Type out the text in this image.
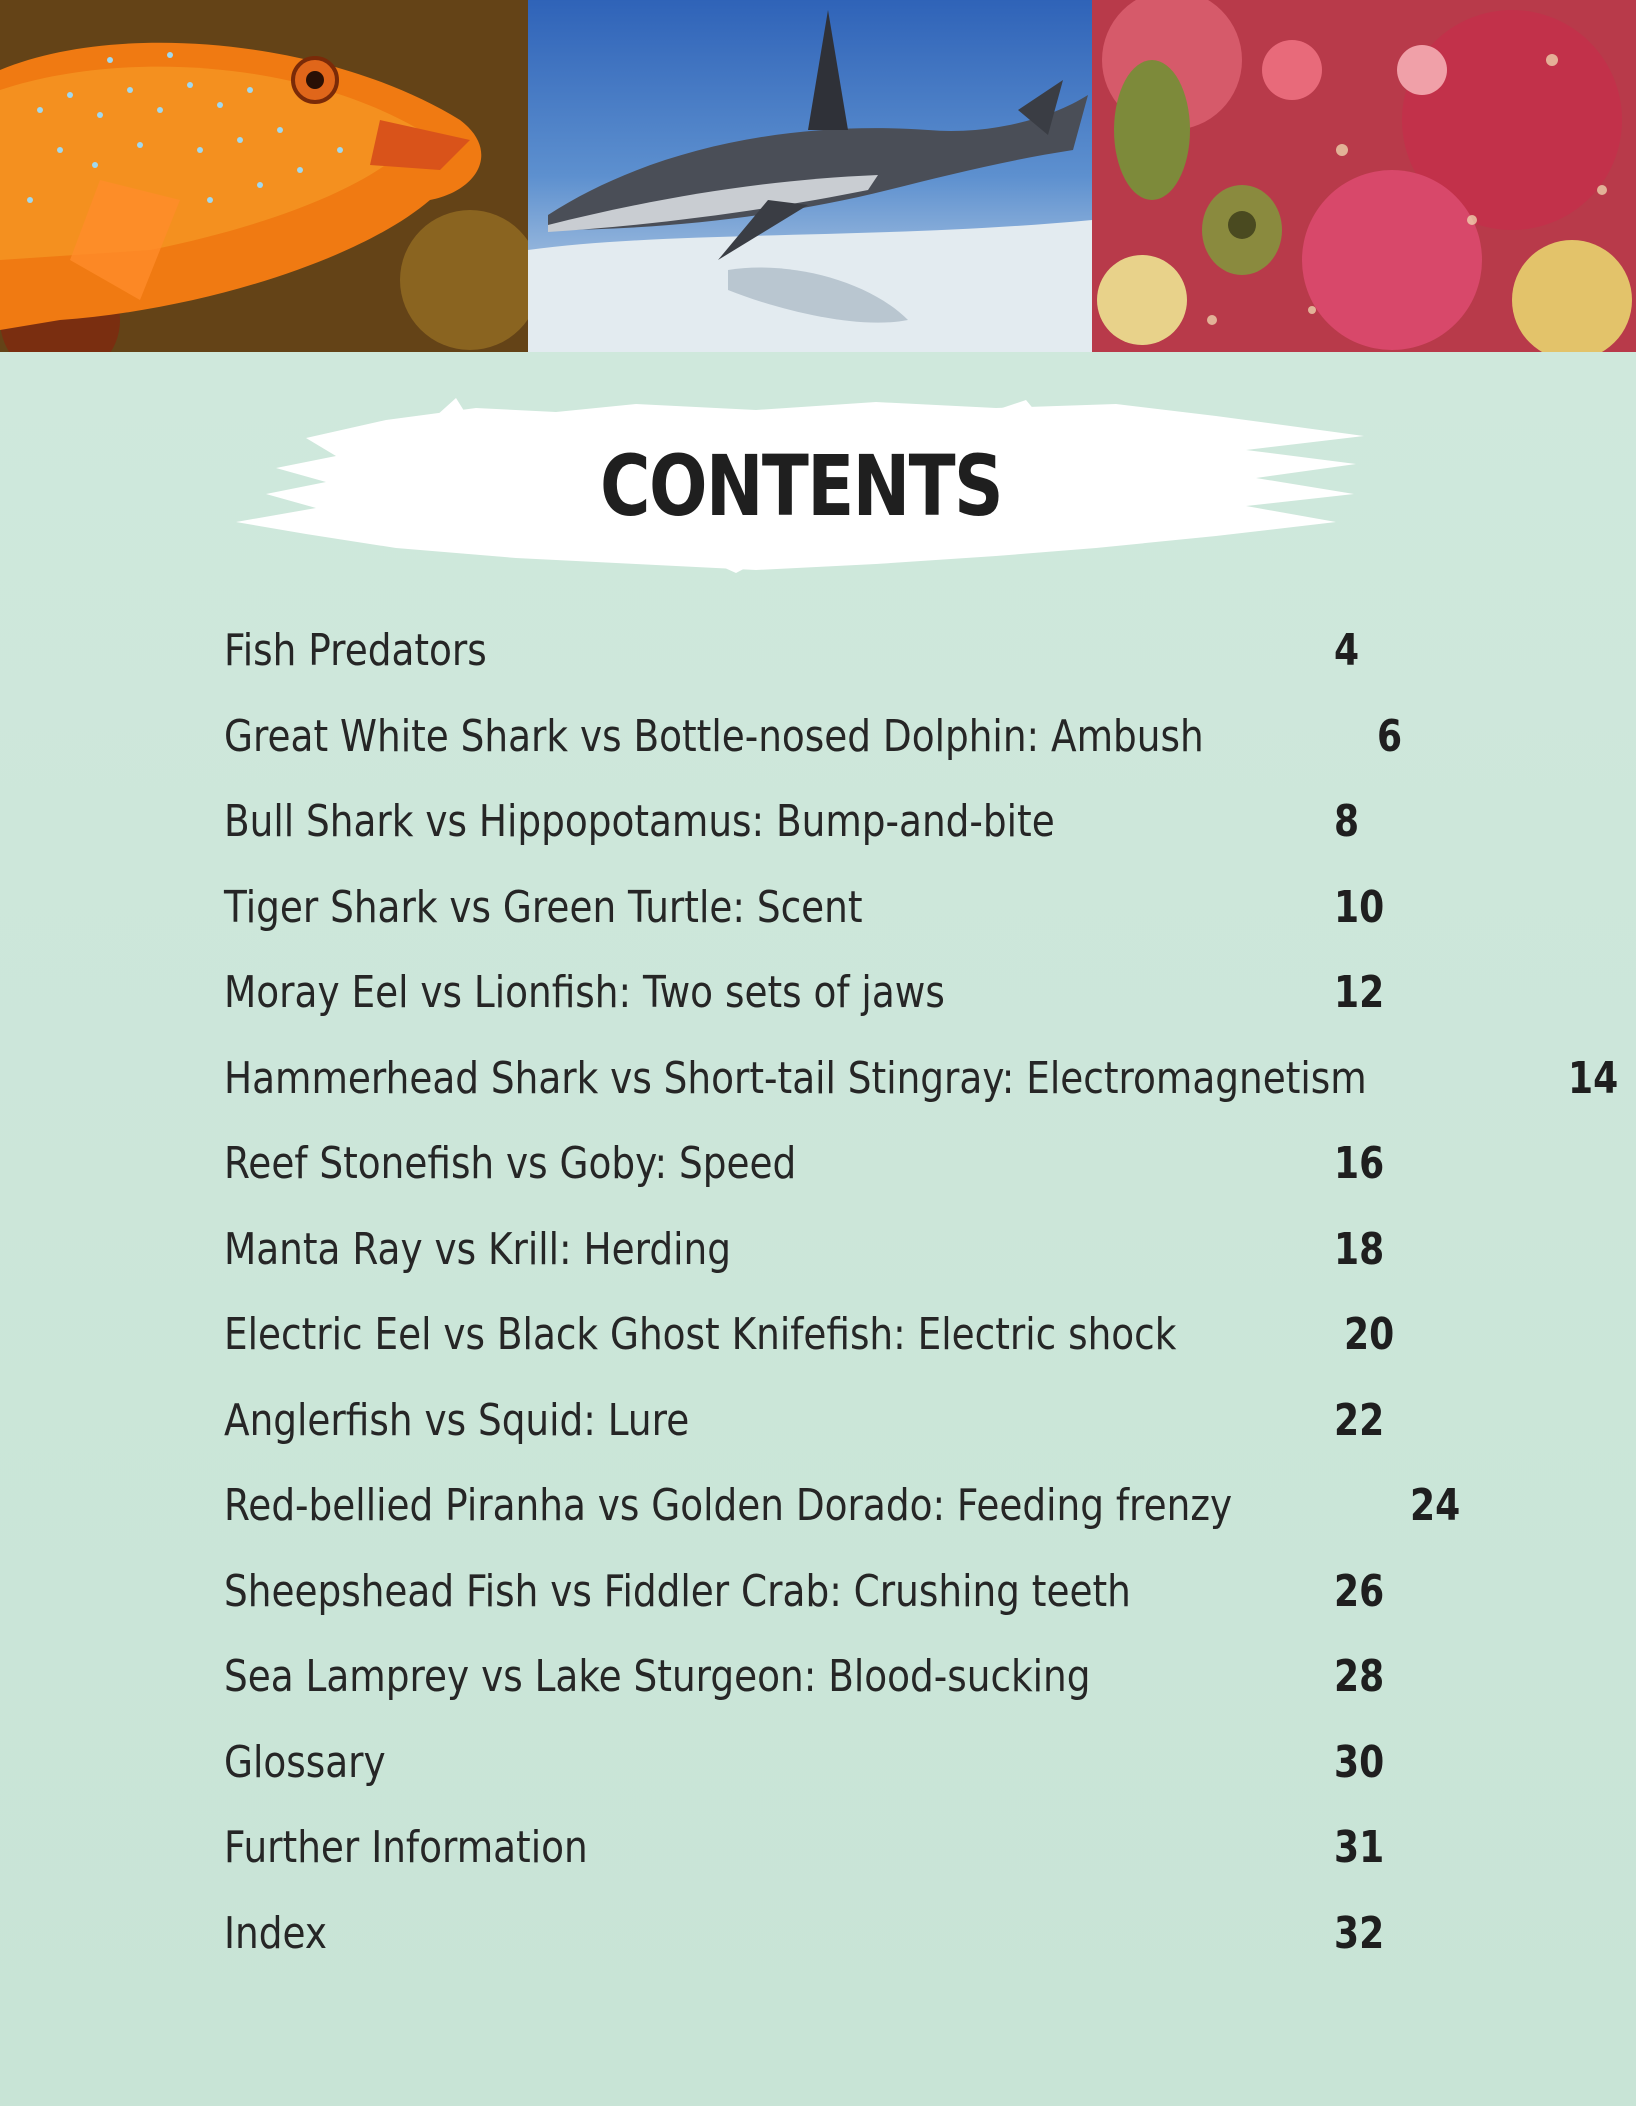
CONTENTS
Fish Predators	4
Great White Shark vs Bottle-nosed Dolphin: Ambush	6
Bull Shark vs Hippopotamus: Bump-and-bite	8
Tiger Shark vs Green Turtle: Scent	10
Moray Eel vs Lionfish: Two sets of jaws	12
Hammerhead Shark vs Short-tail Stingray: Electromagnetism	14
Reef Stonefish vs Goby: Speed	16
Manta Ray vs Krill: Herding	18
Electric Eel vs Black Ghost Knifefish: Electric shock	20
Anglerfish vs Squid: Lure	22
Red-bellied Piranha vs Golden Dorado: Feeding frenzy	24
Sheepshead Fish vs Fiddler Crab: Crushing teeth	26
Sea Lamprey vs Lake Sturgeon: Blood-sucking	28
Glossary	30
Further Information	31
Index	32
